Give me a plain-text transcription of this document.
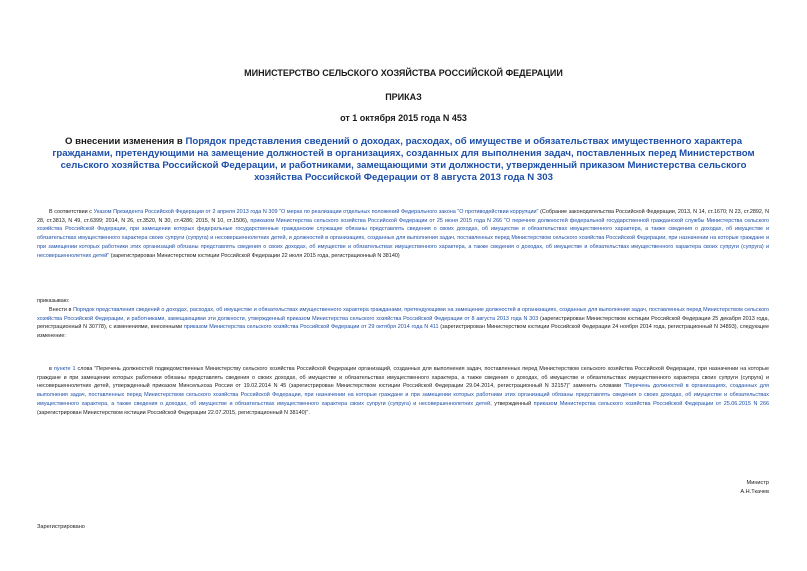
МИНИСТЕРСТВО СЕЛЬСКОГО ХОЗЯЙСТВА РОССИЙСКОЙ ФЕДЕРАЦИИ
ПРИКАЗ
от 1 октября 2015 года N 453
О внесении изменения в Порядок представления сведений о доходах, расходах, об имуществе и обязательствах имущественного характера гражданами, претендующими на замещение должностей в организациях, созданных для выполнения задач, поставленных перед Министерством сельского хозяйства Российской Федерации, и работниками, замещающими эти должности, утвержденный приказом Министерства сельского хозяйства Российской Федерации от 8 августа 2013 года N 303
В соответствии с Указом Президента Российской Федерации от 2 апреля 2013 года N 309 "О мерах по реализации отдельных положений Федерального закона "О противодействии коррупции" (Собрание законодательства Российской Федерации, 2013, N 14, ст.1670; N 23, ст.2892, N 28, ст.3813, N 49, ст.6399; 2014, N 26, ст.3520, N 30, ст.4286; 2015, N 10, ст.1506), приказом Министерства сельского хозяйства Российской Федерации от 25 июня 2015 года N 266 "О перечнях должностей федеральной государственной гражданской службы Министерства сельского хозяйства Российской Федерации, при замещении которых федеральные государственные гражданские служащие обязаны представлять сведения о своих доходах, об имуществе и обязательствах имущественного характера, а также сведения о доходах, об имуществе и обязательствах имущественного характера своих супруги (супруга) и несовершеннолетних детей, и должностей в организациях, созданных для выполнения задач, поставленных перед Министерством сельского хозяйства Российской Федерации, при назначении на которые граждане и при замещении которых работники этих организаций обязаны представлять сведения о своих доходах, об имуществе и обязательствах имущественного характера, а также сведения о доходах, об имуществе и обязательствах имущественного характера своих супруги (супруга) и несовершеннолетних детей" (зарегистрирован Министерством юстиции Российской Федерации 22 июля 2015 года, регистрационный N 38140)
приказываю:
Внести в Порядок представления сведений о доходах, расходах, об имуществе и обязательствах имущественного характера гражданами, претендующими на замещение должностей в организациях, созданных для выполнения задач, поставленных перед Министерством сельского хозяйства Российской Федерации, и работниками, замещающими эти должности, утвержденный приказом Министерства сельского хозяйства Российской Федерации от 8 августа 2013 года N 303 (зарегистрирован Министерством юстиции Российской Федерации 25 декабря 2013 года, регистрационный N 30778), с изменениями, внесенными приказом Министерства сельского хозяйства Российской Федерации от 29 октября 2014 года N 411 (зарегистрирован Министерством юстиции Российской Федерации 24 ноября 2014 года, регистрационный N 34893), следующее изменение:
в пункте 1 слова "Перечень должностей подведомственных Министерству сельского хозяйства Российской Федерации организаций, созданных для выполнения задач, поставленных перед Министерством сельского хозяйства Российской Федерации, при назначении на которые граждане и при замещении которых работники обязаны представлять сведения о своих доходах, об имуществе и обязательствах имущественного характера, а также сведения о доходах, об имуществе и обязательствах имущественного характера своих супруги (супруга) и несовершеннолетних детей, утвержденный приказом Минсельхоза России от 19.02.2014 N 45 (зарегистрирован Министерством юстиции Российской Федерации 29.04.2014, регистрационный N 32157)" заменить словами "Перечень должностей в организациях, созданных для выполнения задач, поставленных перед Министерством сельского хозяйства Российской Федерации, при назначении на которые граждане и при замещении которых работники этих организаций обязаны представлять сведения о своих доходах, об имуществе и обязательствах имущественного характера, а также сведения о доходах, об имуществе и обязательствах имущественного характера своих супруги (супруга) и несовершеннолетних детей, утвержденный приказом Министерства сельского хозяйства Российской Федерации от 25.06.2015 N 266 (зарегистрирован Министерством юстиции Российской Федерации 22.07.2015, регистрационный N 38140)".
Министр
А.Н.Ткачев
Зарегистрировано
